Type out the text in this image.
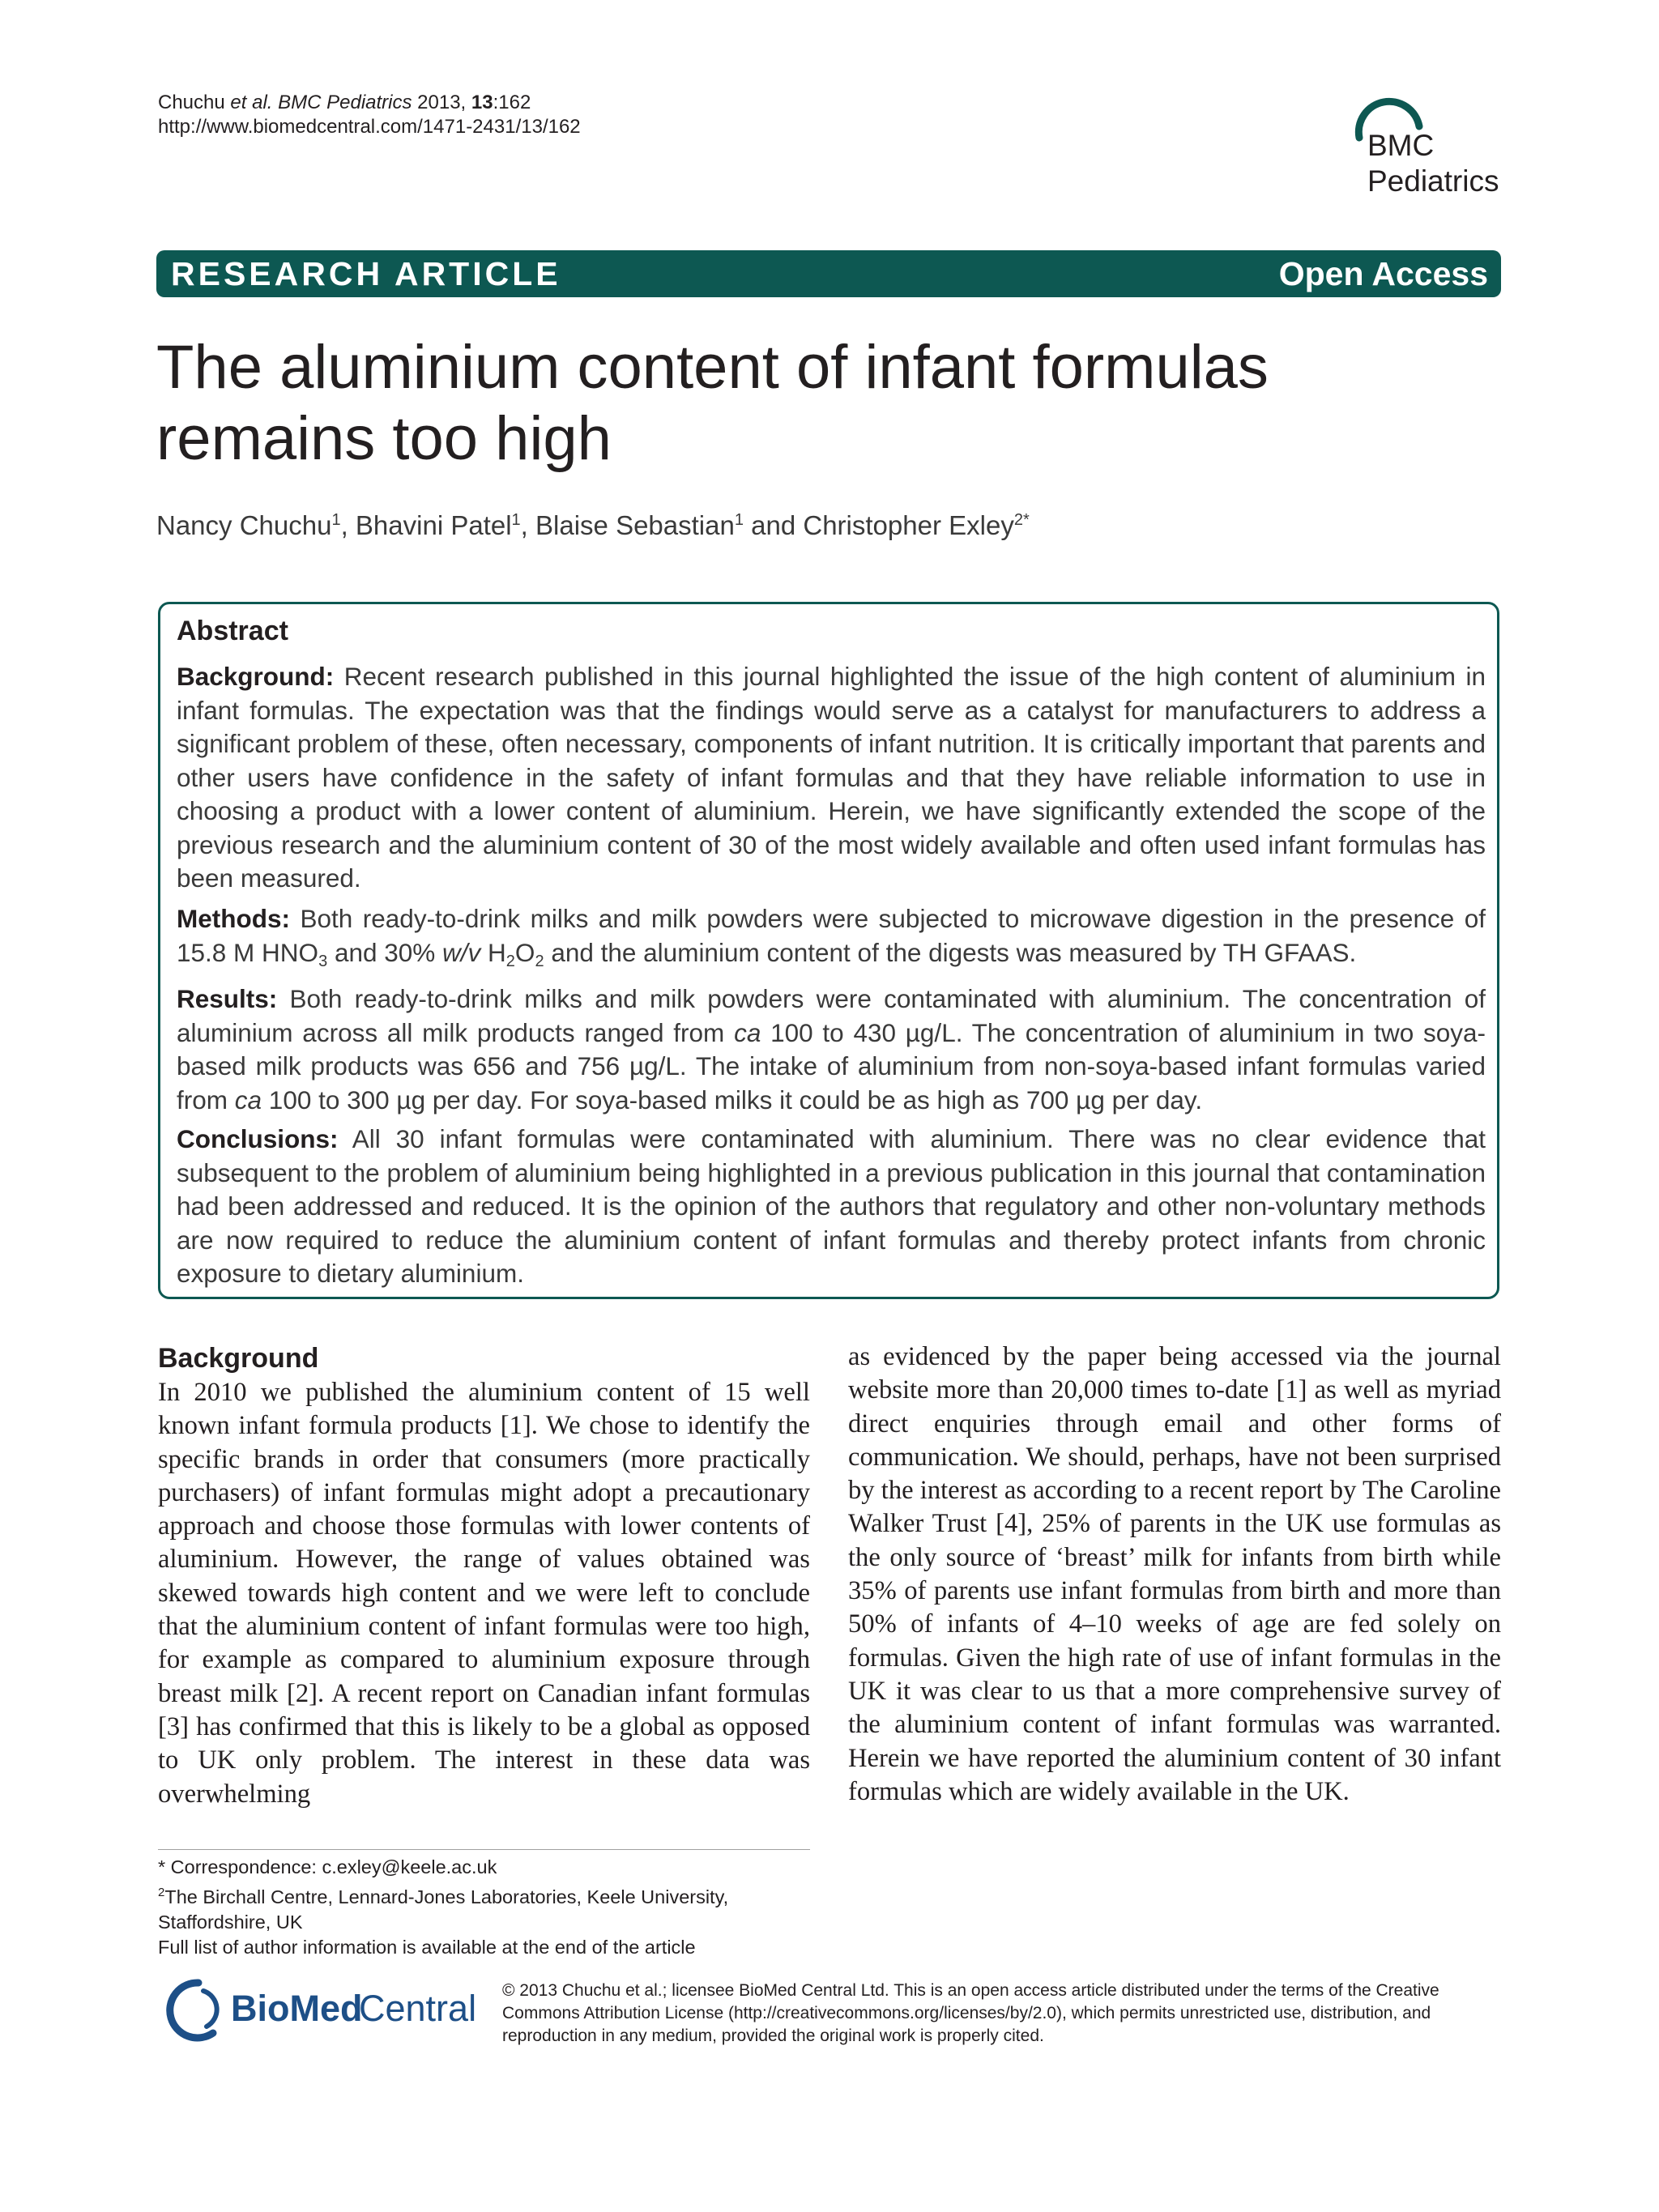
Chuchu et al. BMC Pediatrics 2013, 13:162
http://www.biomedcentral.com/1471-2431/13/162
BMC
Pediatrics
RESEARCH ARTICLE	Open Access
The aluminium content of infant formulas
remains too high
Nancy Chuchu$^1$, Bhavini Patel$^1$, Blaise Sebastian$^1$ and Christopher Exley$^{2*}$
Abstract

Background: Recent research published in this journal highlighted the issue of the high content of aluminium in infant formulas. The expectation was that the findings would serve as a catalyst for manufacturers to address a significant problem of these, often necessary, components of infant nutrition. It is critically important that parents and other users have confidence in the safety of infant formulas and that they have reliable information to use in choosing a product with a lower content of aluminium. Herein, we have significantly extended the scope of the previous research and the aluminium content of 30 of the most widely available and often used infant formulas has been measured.

Methods: Both ready-to-drink milks and milk powders were subjected to microwave digestion in the presence of 15.8 M $HNO_3$ and 30% w/v $H_2O_2$ and the aluminium content of the digests was measured by TH GFAAS.

Results: Both ready-to-drink milks and milk powders were contaminated with aluminium. The concentration of aluminium across all milk products ranged from ca 100 to 430 µg/L. The concentration of aluminium in two soya-based milk products was 656 and 756 µg/L. The intake of aluminium from non-soya-based infant formulas varied from ca 100 to 300 µg per day. For soya-based milks it could be as high as 700 µg per day.

Conclusions: All 30 infant formulas were contaminated with aluminium. There was no clear evidence that subsequent to the problem of aluminium being highlighted in a previous publication in this journal that contamination had been addressed and reduced. It is the opinion of the authors that regulatory and other non-voluntary methods are now required to reduce the aluminium content of infant formulas and thereby protect infants from chronic exposure to dietary aluminium.

Background

In 2010 we published the aluminium content of 15 well known infant formula products [1]. We chose to identify the specific brands in order that consumers (more practically purchasers) of infant formulas might adopt a precautionary approach and choose those formulas with lower contents of aluminium. However, the range of values obtained was skewed towards high content and we were left to conclude that the aluminium content of infant formulas were too high, for example as compared to aluminium exposure through breast milk [2]. A recent report on Canadian infant formulas [3] has confirmed that this is likely to be a global as opposed to UK only problem. The interest in these data was overwhelming

as evidenced by the paper being accessed via the journal website more than 20,000 times to-date [1] as well as myriad direct enquiries through email and other forms of communication. We should, perhaps, have not been surprised by the interest as according to a recent report by The Caroline Walker Trust [4], 25% of parents in the UK use formulas as the only source of ‘breast’ milk for infants from birth while 35% of parents use infant formulas from birth and more than 50% of infants of 4–10 weeks of age are fed solely on formulas. Given the high rate of use of infant formulas in the UK it was clear to us that a more comprehensive survey of the aluminium content of infant formulas was warranted. Herein we have reported the aluminium content of 30 infant formulas which are widely available in the UK.

* Correspondence: c.exley@keele.ac.uk
$^2$The Birchall Centre, Lennard-Jones Laboratories, Keele University,
Staffordshire, UK
Full list of author information is available at the end of the article
BioMed
Central © 2013 Chuchu et al.; licensee BioMed Central Ltd. This is an open access article distributed under the terms of the Creative Commons Attribution License (http://creativecommons.org/licenses/by/2.0), which permits unrestricted use, distribution, and reproduction in any medium, provided the original work is properly cited.
